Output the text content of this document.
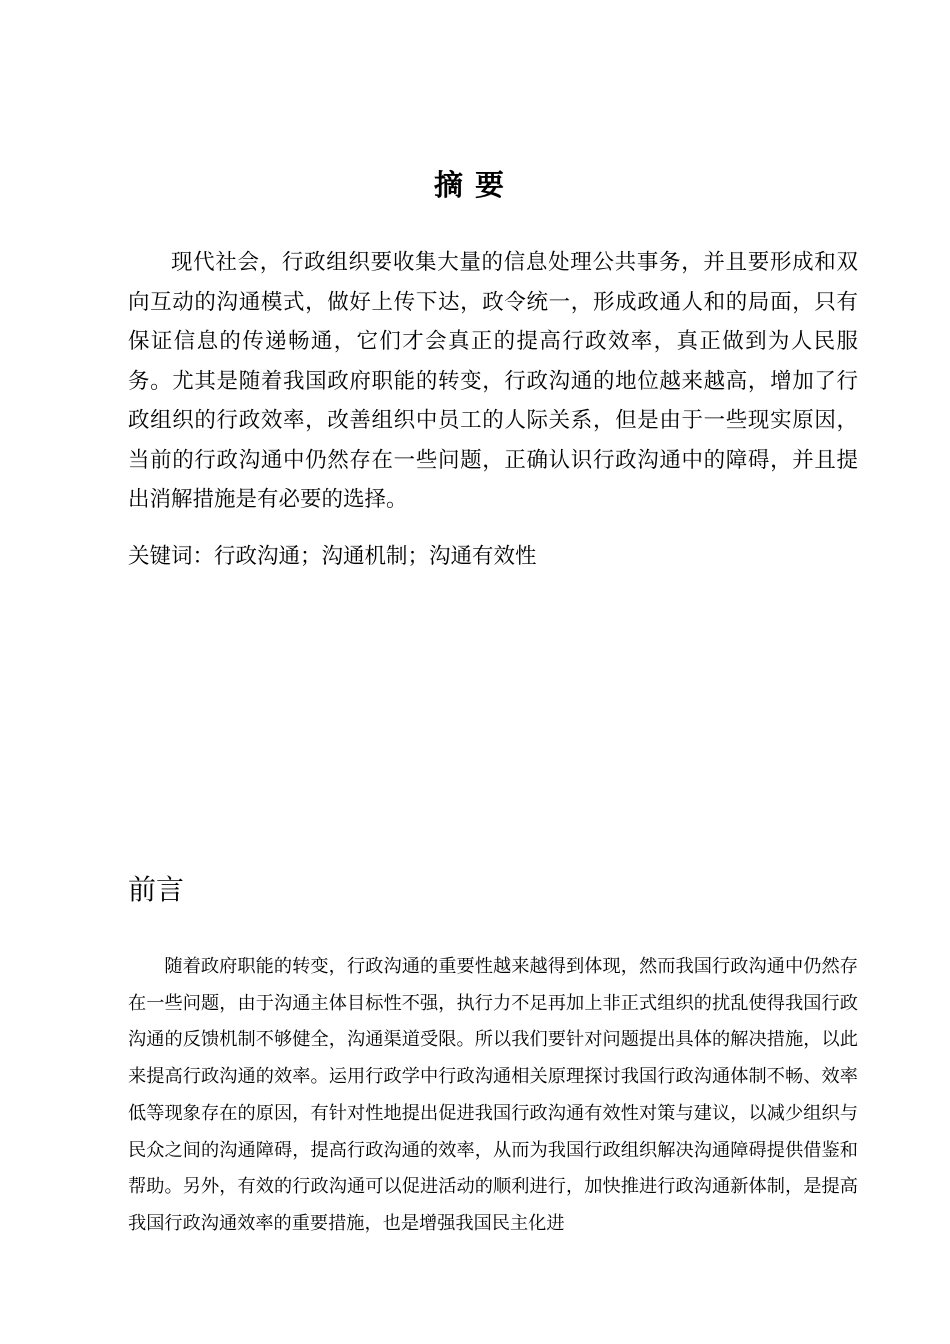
摘要

现代社会，行政组织要收集大量的信息处理公共事务，并且要形成和双向互动的沟通模式，做好上传下达，政令统一，形成政通人和的局面，只有保证信息的传递畅通，它们才会真正的提高行政效率，真正做到为人民服务。尤其是随着我国政府职能的转变，行政沟通的地位越来越高，增加了行政组织的行政效率，改善组织中员工的人际关系，但是由于一些现实原因，当前的行政沟通中仍然存在一些问题，正确认识行政沟通中的障碍，并且提出消解措施是有必要的选择。

关键词：行政沟通；沟通机制；沟通有效性

前言

随着政府职能的转变，行政沟通的重要性越来越得到体现，然而我国行政沟通中仍然存在一些问题，由于沟通主体目标性不强，执行力不足再加上非正式组织的扰乱使得我国行政沟通的反馈机制不够健全，沟通渠道受限。所以我们要针对问题提出具体的解决措施，以此来提高行政沟通的效率。运用行政学中行政沟通相关原理探讨我国行政沟通体制不畅、效率低等现象存在的原因，有针对性地提出促进我国行政沟通有效性对策与建议，以减少组织与民众之间的沟通障碍，提高行政沟通的效率，从而为我国行政组织解决沟通障碍提供借鉴和帮助。另外，有效的行政沟通可以促进活动的顺利进行，加快推进行政沟通新体制，是提高我国行政沟通效率的重要措施，也是增强我国民主化进
